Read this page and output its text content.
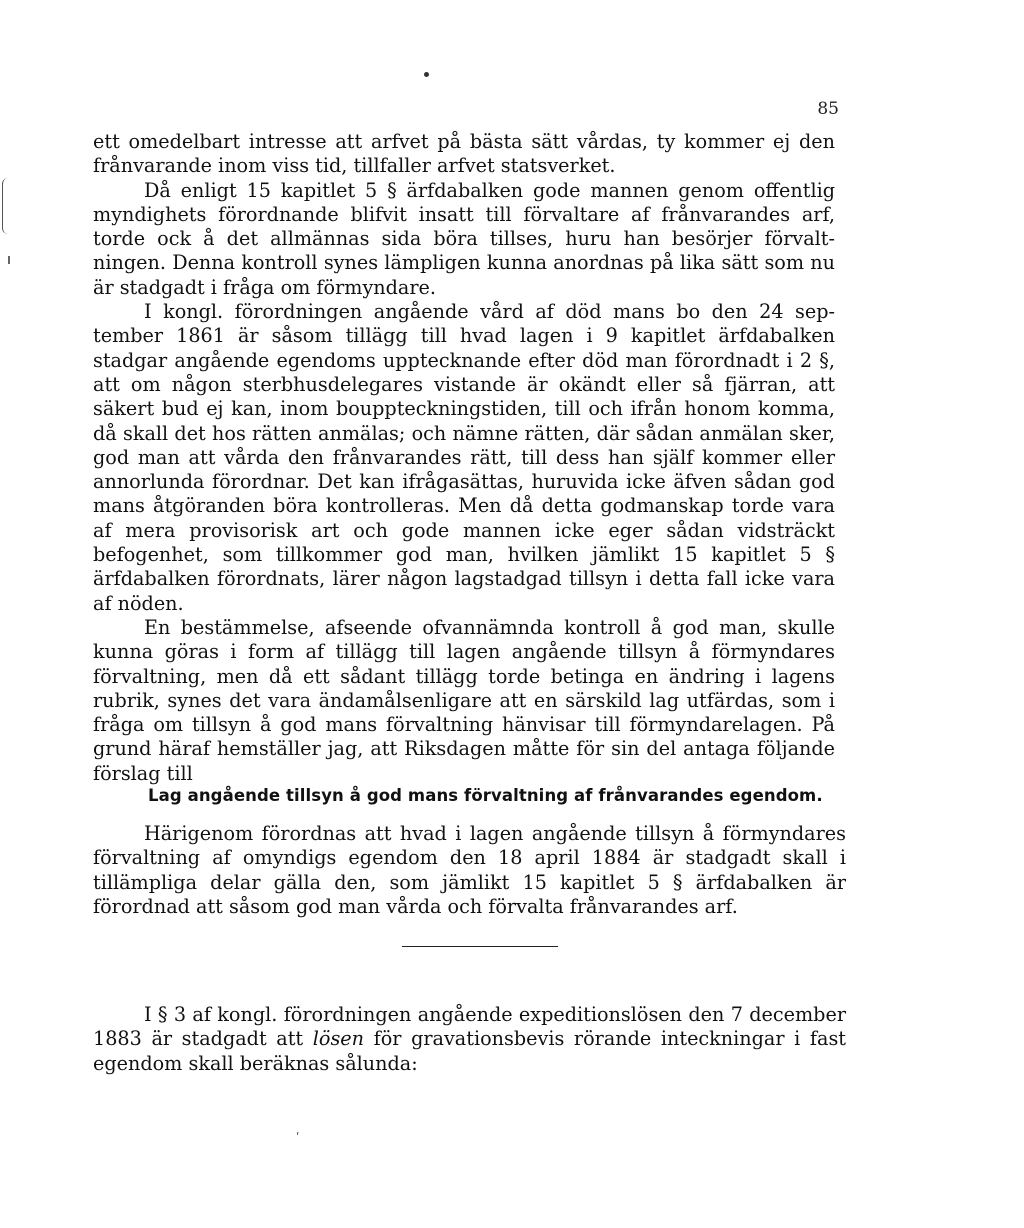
85

ett omedelbart intresse att arfvet på bästa sätt vårdas, ty kommer ej den frånvarande inom viss tid, tillfaller arfvet statsverket.

Då enligt 15 kapitlet 5 § ärfdabalken gode mannen genom offentlig myndighets förordnande blifvit insatt till förvaltare af frånvarandes arf, torde ock å det allmännas sida böra tillses, huru han besörjer förvaltningen. Denna kontroll synes lämpligen kunna anordnas på lika sätt som nu är stadgadt i fråga om förmyndare.

I kongl. förordningen angående vård af död mans bo den 24 september 1861 är såsom tillägg till hvad lagen i 9 kapitlet ärfdabalken stadgar angående egendoms upptecknande efter död man förordnadt i 2 §, att om någon sterbhusdelegares vistande är okändt eller så fjärran, att säkert bud ej kan, inom bouppteckningstiden, till och ifrån honom komma, då skall det hos rätten anmälas; och nämne rätten, där sådan anmälan sker, god man att vårda den frånvarandes rätt, till dess han själf kommer eller annorlunda förordnar. Det kan ifrågasättas, huruvida icke äfven sådan god mans åtgöranden böra kontrolleras. Men då detta godmanskap torde vara af mera provisorisk art och gode mannen icke eger sådan vidsträckt befogenhet, som tillkommer god man, hvilken jämlikt 15 kapitlet 5 § ärfdabalken förordnats, lärer någon lagstadgad tillsyn i detta fall icke vara af nöden.

En bestämmelse, afseende ofvannämnda kontroll å god man, skulle kunna göras i form af tillägg till lagen angående tillsyn å förmyndares förvaltning, men då ett sådant tillägg torde betinga en ändring i lagens rubrik, synes det vara ändamålsenligare att en särskild lag utfärdas, som i fråga om tillsyn å god mans förvaltning hänvisar till förmyndarelagen. På grund häraf hemställer jag, att Riksdagen måtte för sin del antaga följande förslag till

Lag angående tillsyn å god mans förvaltning af frånvarandes egendom.

Härigenom förordnas att hvad i lagen angående tillsyn å förmyndares förvaltning af omyndigs egendom den 18 april 1884 är stadgadt skall i tillämpliga delar gälla den, som jämlikt 15 kapitlet 5 § ärfdabalken är förordnad att såsom god man vårda och förvalta frånvarandes arf.

I § 3 af kongl. förordningen angående expeditionslösen den 7 december 1883 är stadgadt att lösen för gravationsbevis rörande inteckningar i fast egendom skall beräknas sålunda:

ʹ
